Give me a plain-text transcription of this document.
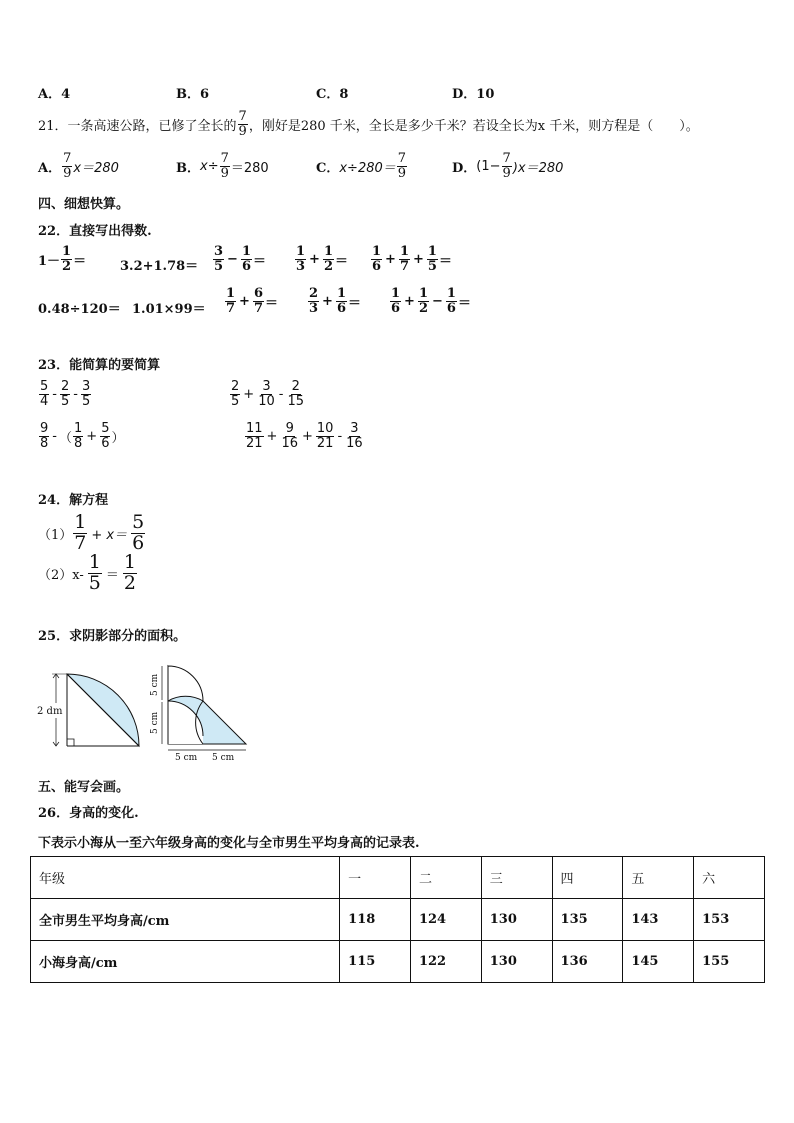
A．4	B．6	C．8	D．10
21．一条高速公路，已修了全长的 $\frac{7}{9}$ ，刚好是280 千米，全长是多少千米？若设全长为x 千米，则方程是（　　）。
A． $\frac{7}{9} x=280$	B． $x\div \frac{7}{9} =280$	C． $x\div 280= \frac{7}{9}$	D． $(1- \frac{7}{9} )x=280$
四、细想快算。
22．直接写出得数.
$1- \frac{1}{2}$ ＝	$3.2+1.78= \frac{3}{5} - \frac{1}{6} = \frac{1}{3} + \frac{1}{2} = \frac{1}{6} + \frac{1}{7} + \frac{1}{5}$ ＝
$0.48\div 120= 1.01\times 99= \frac{1}{7} + \frac{6}{7} = \frac{2}{3} + \frac{1}{6} = \frac{1}{6} + \frac{1}{2} - \frac{1}{6}$ ＝
23．能简算的要简算
$\frac{5}{4} - \frac{2}{5} - \frac{3}{5}$	$\frac{2}{5} + \frac{3}{10} - \frac{2}{15}$
$\frac{9}{8}$ - （ $\frac{1}{8} + \frac{5}{6}$ ）	$\frac{11}{21} + \frac{9}{16} + \frac{10}{21} - \frac{3}{16}$
24．解方程
$(1) \frac{1}{7} + x= \frac{5}{6}$
$(2)x- \frac{1}{5} = \frac{1}{2}$
25．求阴影部分的面积。
2 dm
5 cm
5 cm
5 cm 5 cm
五、能写会画。
26．身高的变化.
下表示小海从一至六年级身高的变化与全市男生平均身高的记录表.
年级	一	二	三	四	五	六
全市男生平均身高/cm	118	124	130	135	143	153
小海身高/cm	115	122	130	136	145	155
